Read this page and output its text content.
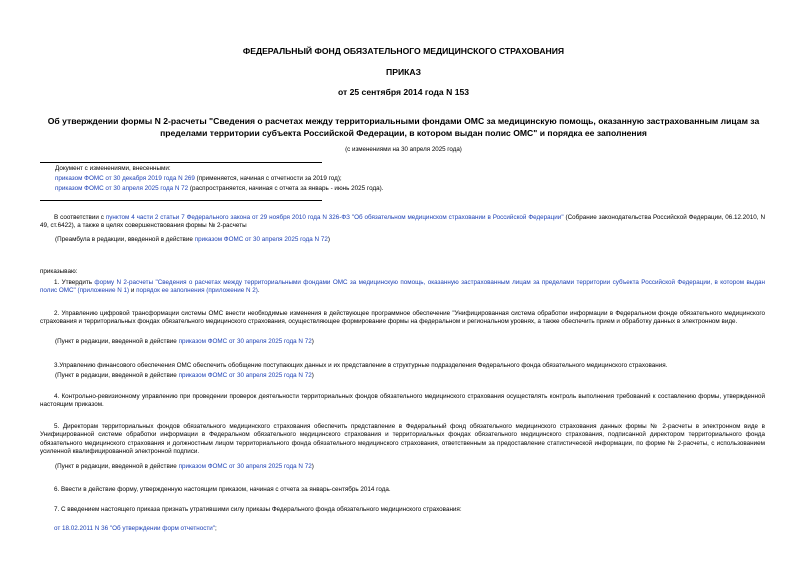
ФЕДЕРАЛЬНЫЙ ФОНД ОБЯЗАТЕЛЬНОГО МЕДИЦИНСКОГО СТРАХОВАНИЯ
ПРИКАЗ
от 25 сентября 2014 года N 153
Об утверждении формы N 2-расчеты "Сведения о расчетах между территориальными фондами ОМС за медицинскую помощь, оказанную застрахованным лицам за
пределами территории субъекта Российской Федерации, в котором выдан полис ОМС" и порядка ее заполнения
(с изменениями на 30 апреля 2025 года)
Документ с изменениями, внесенными:
приказом ФОМС от 30 декабря 2019 года N 269 (применяется, начиная с отчетности за 2019 год);
приказом ФОМС от 30 апреля 2025 года N 72 (распространяется, начиная с отчета за январь - июнь 2025 года).
В соответствии с пунктом 4 части 2 статьи 7 Федерального закона от 29 ноября 2010 года N 326-ФЗ "Об обязательном медицинском страховании в Российской Федерации" (Собрание законодательства Российской Федерации, 06.12.2010, N 49, ст.6422), а также в целях совершенствования формы № 2-расчеты
(Преамбула в редакции, введенной в действие приказом ФОМС от 30 апреля 2025 года N 72)
приказываю:
1. Утвердить форму N 2-расчеты "Сведения о расчетах между территориальными фондами ОМС за медицинскую помощь, оказанную застрахованным лицам за пределами территории субъекта Российской Федерации, в котором выдан полис ОМС" (приложение N 1) и порядок ее заполнения (приложение N 2).
2. Управлению цифровой трансформации системы ОМС внести необходимые изменения в действующее программное обеспечение "Унифицированная система обработки информации в Федеральном фонде обязательного медицинского страхования и территориальных фондах обязательного медицинского страхования, осуществляющее формирование формы на федеральном и региональном уровнях, а также обеспечить прием и обработку данных в электронном виде.
(Пункт в редакции, введенной в действие приказом ФОМС от 30 апреля 2025 года N 72)
3.Управлению финансового обеспечения ОМС обеспечить обобщение поступающих данных и их представление в структурные подразделения Федерального фонда обязательного медицинского страхования.
(Пункт в редакции, введенной в действие приказом ФОМС от 30 апреля 2025 года N 72)
4. Контрольно-ревизионному управлению при проведении проверок деятельности территориальных фондов обязательного медицинского страхования осуществлять контроль выполнения требований к составлению формы, утвержденной настоящим приказом.
5. Директорам территориальных фондов обязательного медицинского страхования обеспечить представление в Федеральный фонд обязательного медицинского страхования данных формы № 2-расчеты в электронном виде в Унифицированной системе обработки информации в Федеральном обязательного медицинского страхования и территориальных фондах обязательного медицинского страхования, подписанной директором территориального фонда обязательного медицинского страхования и должностным лицом территориального фонда обязательного медицинского страхования, ответственным за предоставление статистической информации, по форме № 2-расчеты, с использованием усиленной квалифицированной электронной подписи.
(Пункт в редакции, введенной в действие приказом ФОМС от 30 апреля 2025 года N 72)
6. Ввести в действие форму, утвержденную настоящим приказом, начиная с отчета за январь-сентябрь 2014 года.
7. С введением настоящего приказа признать утратившими силу приказы Федерального фонда обязательного медицинского страхования:
от 18.02.2011 N 36 "Об утверждении форм отчетности";
